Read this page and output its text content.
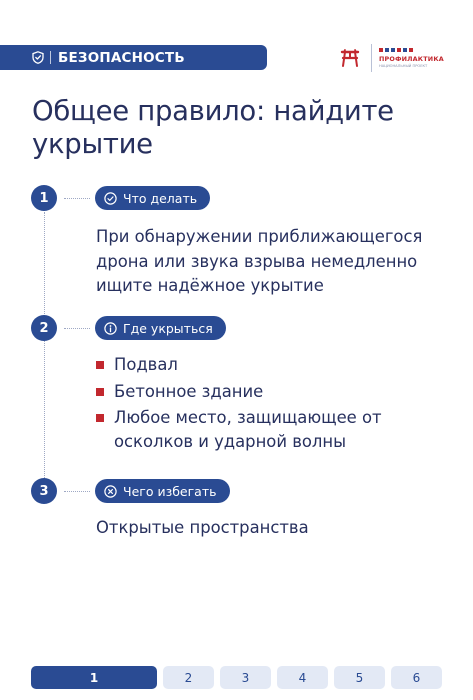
БЕЗОПАСНОСТЬ	ПРОФИЛАКТИКА
НАЦИОНАЛЬНЫЙ ПРОЕКТ
Общее правило: найдите укрытие
1	Что делать

При обнаружении приближающегося дрона или звука взрыва немедленно ищите надёжное укрытие

2	Где укрыться
Подвал
Бетонное здание
Любое место, защищающее от осколков и ударной волны
3	Чего избегать

Открытые пространства

1	2	3	4	5	6
